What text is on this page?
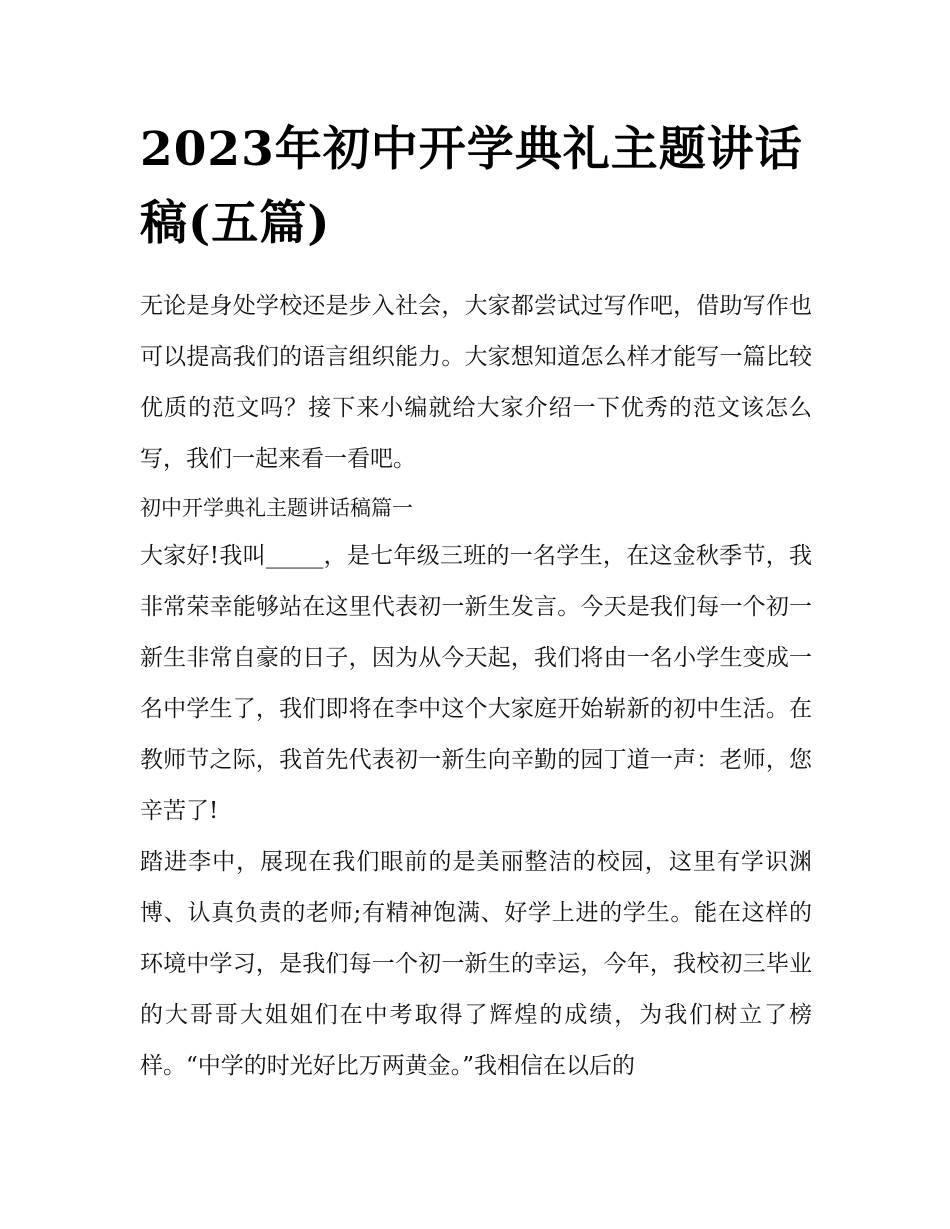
2023年初中开学典礼主题讲话稿(五篇)

无论是身处学校还是步入社会，大家都尝试过写作吧，借助写作也可以提高我们的语言组织能力。大家想知道怎么样才能写一篇比较优质的范文吗？接下来小编就给大家介绍一下优秀的范文该怎么写，我们一起来看一看吧。

初中开学典礼主题讲话稿篇一

大家好!我叫_____，是七年级三班的一名学生，在这金秋季节，我非常荣幸能够站在这里代表初一新生发言。今天是我们每一个初一新生非常自豪的日子，因为从今天起，我们将由一名小学生变成一名中学生了，我们即将在李中这个大家庭开始崭新的初中生活。在教师节之际，我首先代表初一新生向辛勤的园丁道一声：老师，您辛苦了!

踏进李中，展现在我们眼前的是美丽整洁的校园，这里有学识渊博、认真负责的老师;有精神饱满、好学上进的学生。能在这样的环境中学习，是我们每一个初一新生的幸运，今年，我校初三毕业的大哥哥大姐姐们在中考取得了辉煌的成绩，为我们树立了榜样。“中学的时光好比万两黄金。”我相信在以后的
